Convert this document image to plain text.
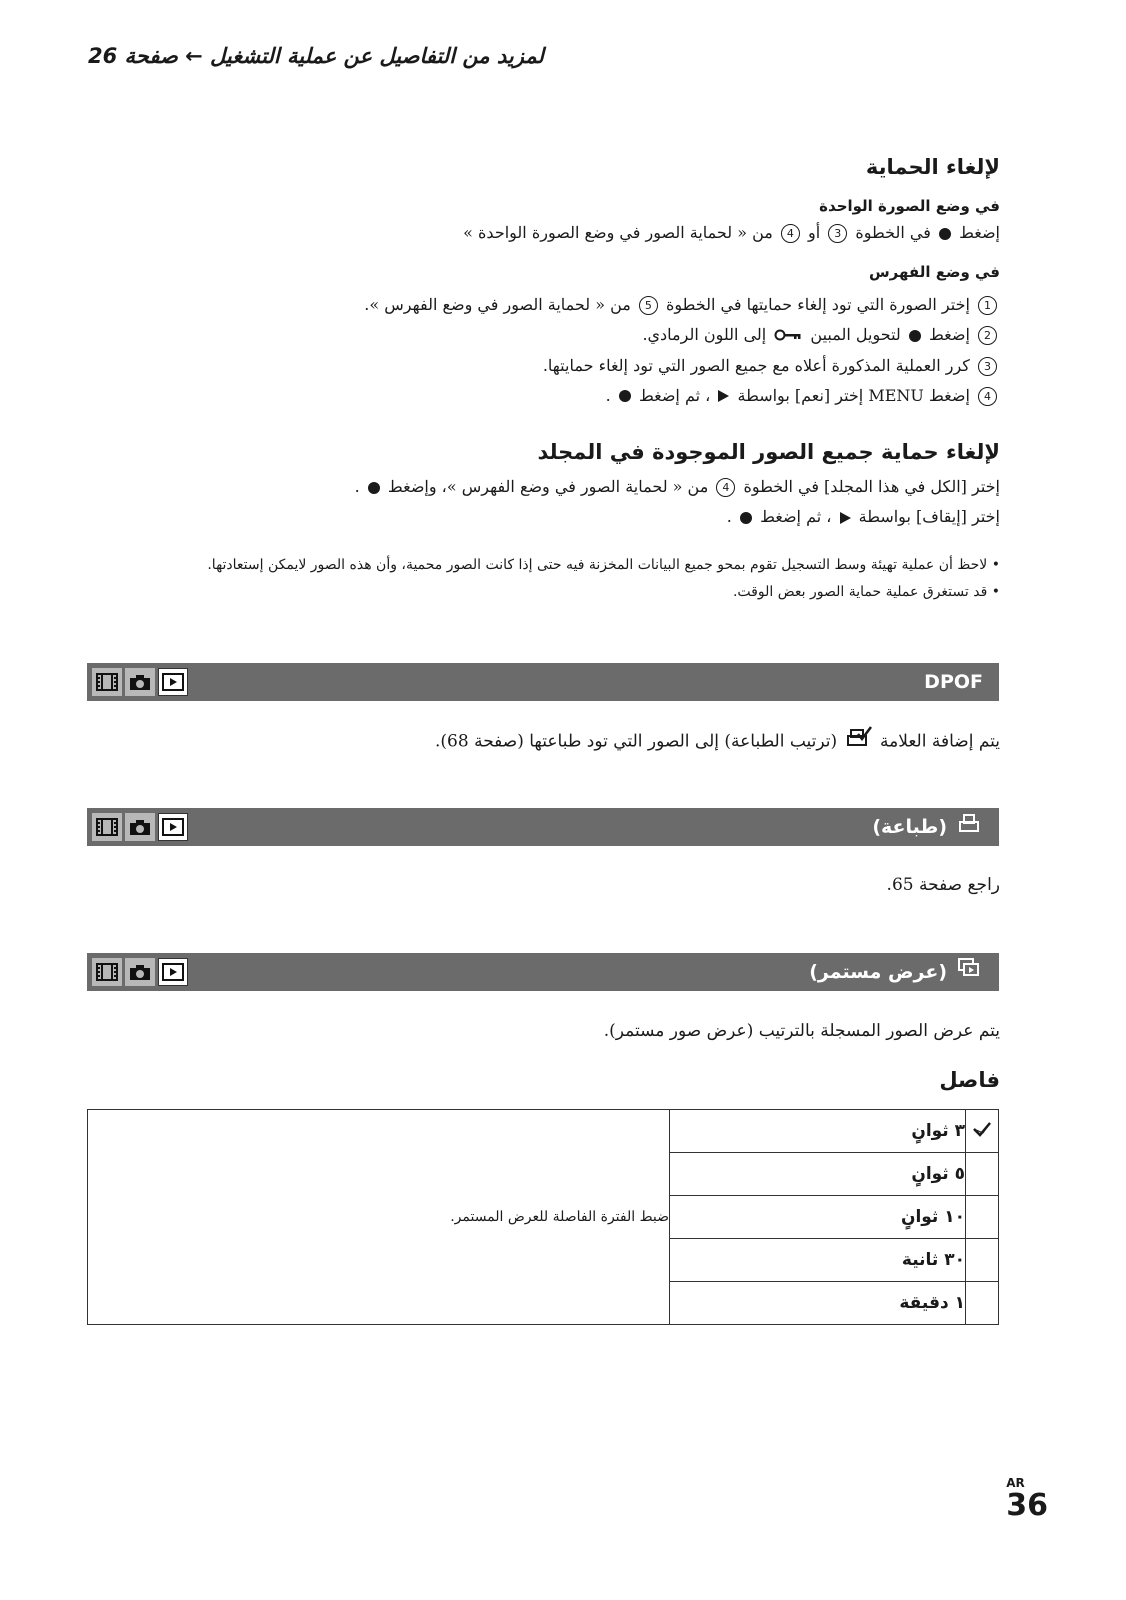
لمزيد من التفاصيل عن عملية التشغيل ← صفحة 26
لإلغاء الحماية
في وضع الصورة الواحدة
إضغط  في الخطوة 3 أو 4 من « لحماية الصور في وضع الصورة الواحدة »
في وضع الفهرس
1 إختر الصورة التي تود إلغاء حمايتها في الخطوة 5 من « لحماية الصور في وضع الفهرس ».
2 إضغط  لتحويل المبين  إلى اللون الرمادي.
3 كرر العملية المذكورة أعلاه مع جميع الصور التي تود إلغاء حمايتها.
4 إضغط MENU إختر [نعم] بواسطة  ، ثم إضغط  .
لإلغاء حماية جميع الصور الموجودة في المجلد
إختر [الكل في هذا المجلد] في الخطوة 4 من « لحماية الصور في وضع الفهرس »، وإضغط  .
إختر [إيقاف] بواسطة  ، ثم إضغط  .
• لاحظ أن عملية تهيئة وسط التسجيل تقوم بمحو جميع البيانات المخزنة فيه حتى إذا كانت الصور محمية، وأن هذه الصور لايمكن إستعادتها.
• قد تستغرق عملية حماية الصور بعض الوقت.
DPOF
يتم إضافة العلامة  (ترتيب الطباعة) إلى الصور التي تود طباعتها (صفحة 68).
(طباعة)
راجع صفحة 65.
(عرض مستمر)
يتم عرض الصور المسجلة بالترتيب (عرض صور مستمر).
فاصل
	٣ ثوانٍ	ضبط الفترة الفاصلة للعرض المستمر.
	٥ ثوانٍ	
	١٠ ثوانٍ	
	٣٠ ثانية	
	١ دقيقة	
AR
36
